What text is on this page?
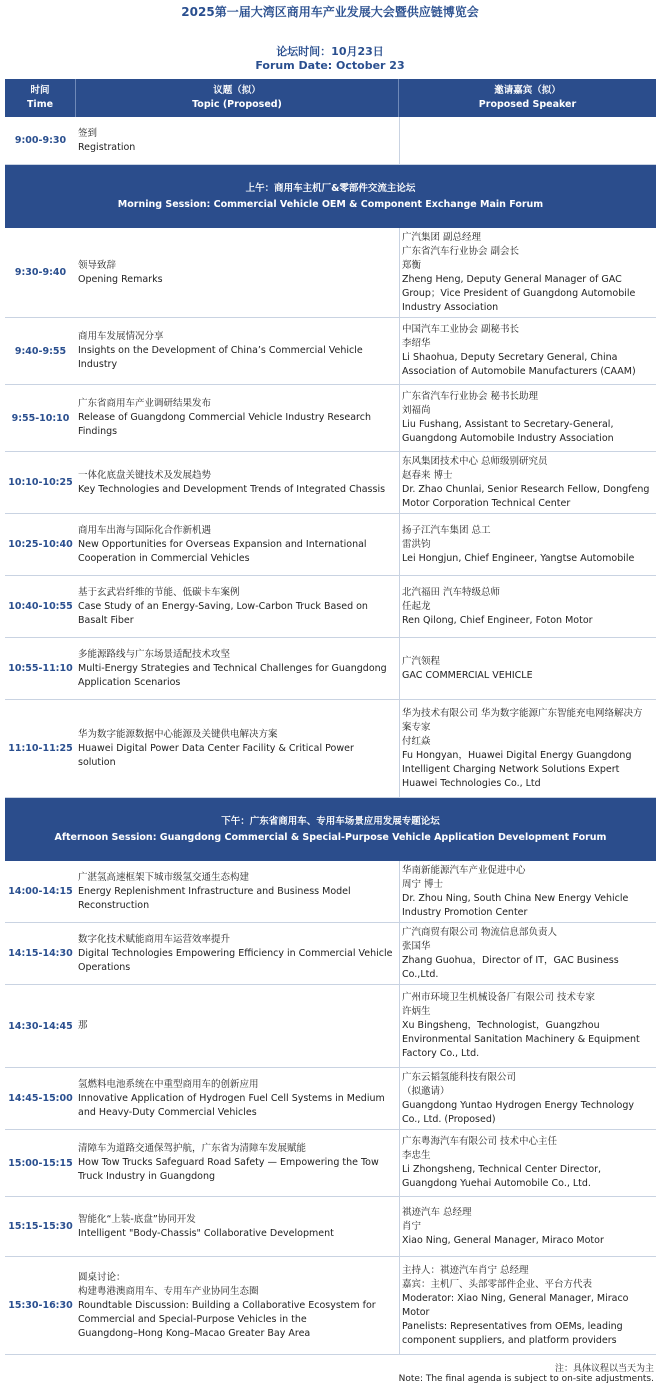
2025第一届大湾区商用车产业发展大会暨供应链博览会
论坛时间：10月23日
Forum Date: October 23
时间
Time
议题（拟）
Topic (Proposed)
邀请嘉宾（拟）
Proposed Speaker
9:00-9:30
签到
Registration
上午：商用车主机厂&零部件交流主论坛
Morning Session: Commercial Vehicle OEM & Component Exchange Main Forum
9:30-9:40
领导致辞
Opening Remarks
广汽集团 副总经理
广东省汽车行业协会 副会长
郑衡
Zheng Heng, Deputy General Manager of GAC
Group；Vice President of Guangdong Automobile
Industry Association
9:40-9:55
商用车发展情况分享
Insights on the Development of China’s Commercial Vehicle
Industry
中国汽车工业协会 副秘书长
李绍华
Li Shaohua, Deputy Secretary General, China
Association of Automobile Manufacturers (CAAM)
9:55-10:10
广东省商用车产业调研结果发布
Release of Guangdong Commercial Vehicle Industry Research
Findings
广东省汽车行业协会 秘书长助理
刘福尚
Liu Fushang, Assistant to Secretary-General,
Guangdong Automobile Industry Association
10:10-10:25
一体化底盘关键技术及发展趋势
Key Technologies and Development Trends of Integrated Chassis
东风集团技术中心 总师级别研究员
赵春来 博士
Dr. Zhao Chunlai, Senior Research Fellow, Dongfeng
Motor Corporation Technical Center
10:25-10:40
商用车出海与国际化合作新机遇
New Opportunities for Overseas Expansion and International
Cooperation in Commercial Vehicles
扬子江汽车集团 总工
雷洪钧
Lei Hongjun, Chief Engineer, Yangtse Automobile
10:40-10:55
基于玄武岩纤维的节能、低碳卡车案例
Case Study of an Energy-Saving, Low-Carbon Truck Based on
Basalt Fiber
北汽福田 汽车特级总师
任起龙
Ren Qilong, Chief Engineer, Foton Motor
10:55-11:10
多能源路线与广东场景适配技术攻坚
Multi-Energy Strategies and Technical Challenges for Guangdong
Application Scenarios
广汽领程
GAC COMMERCIAL VEHICLE
11:10-11:25
华为数字能源数据中心能源及关键供电解决方案
Huawei Digital Power Data Center Facility & Critical Power
solution
华为技术有限公司 华为数字能源广东智能充电网络解决方
案专家
付红焱
Fu Hongyan，Huawei Digital Energy Guangdong
Intelligent Charging Network Solutions Expert
Huawei Technologies Co., Ltd
下午：广东省商用车、专用车场景应用发展专题论坛
Afternoon Session: Guangdong Commercial & Special-Purpose Vehicle Application Development Forum
14:00-14:15
广湛氢高速框架下城市级氢交通生态构建
Energy Replenishment Infrastructure and Business Model
Reconstruction
华南新能源汽车产业促进中心
周宁 博士
Dr. Zhou Ning, South China New Energy Vehicle
Industry Promotion Center
14:15-14:30
数字化技术赋能商用车运营效率提升
Digital Technologies Empowering Efficiency in Commercial Vehicle
Operations
广汽商贸有限公司 物流信息部负责人
张国华
Zhang Guohua，Director of IT，GAC Business
Co.,Ltd.
14:30-14:45 那
广州市环境卫生机械设备厂有限公司 技术专家
许炳生
Xu Bingsheng，Technologist，Guangzhou
Environmental Sanitation Machinery & Equipment
Factory Co., Ltd.
14:45-15:00
氢燃料电池系统在中重型商用车的创新应用
Innovative Application of Hydrogen Fuel Cell Systems in Medium
and Heavy-Duty Commercial Vehicles
广东云韬氢能科技有限公司
（拟邀请）
Guangdong Yuntao Hydrogen Energy Technology
Co., Ltd. (Proposed)
15:00-15:15
清障车为道路交通保驾护航，广东省为清障车发展赋能
How Tow Trucks Safeguard Road Safety — Empowering the Tow
Truck Industry in Guangdong
广东粤海汽车有限公司 技术中心主任
李忠生
Li Zhongsheng, Technical Center Director,
Guangdong Yuehai Automobile Co., Ltd.
15:15-15:30
智能化“上装-底盘”协同开发
Intelligent "Body-Chassis" Collaborative Development
祺迹汽车 总经理
肖宁
Xiao Ning, General Manager, Miraco Motor
15:30-16:30
圆桌讨论：
构建粤港澳商用车、专用车产业协同生态圈
Roundtable Discussion: Building a Collaborative Ecosystem for
Commercial and Special-Purpose Vehicles in the
Guangdong–Hong Kong–Macao Greater Bay Area
主持人：祺迹汽车肖宁 总经理
嘉宾：主机厂、头部零部件企业、平台方代表
Moderator: Xiao Ning, General Manager, Miraco
Motor
Panelists: Representatives from OEMs, leading
component suppliers, and platform providers
注：具体议程以当天为主
Note: The final agenda is subject to on-site adjustments.
